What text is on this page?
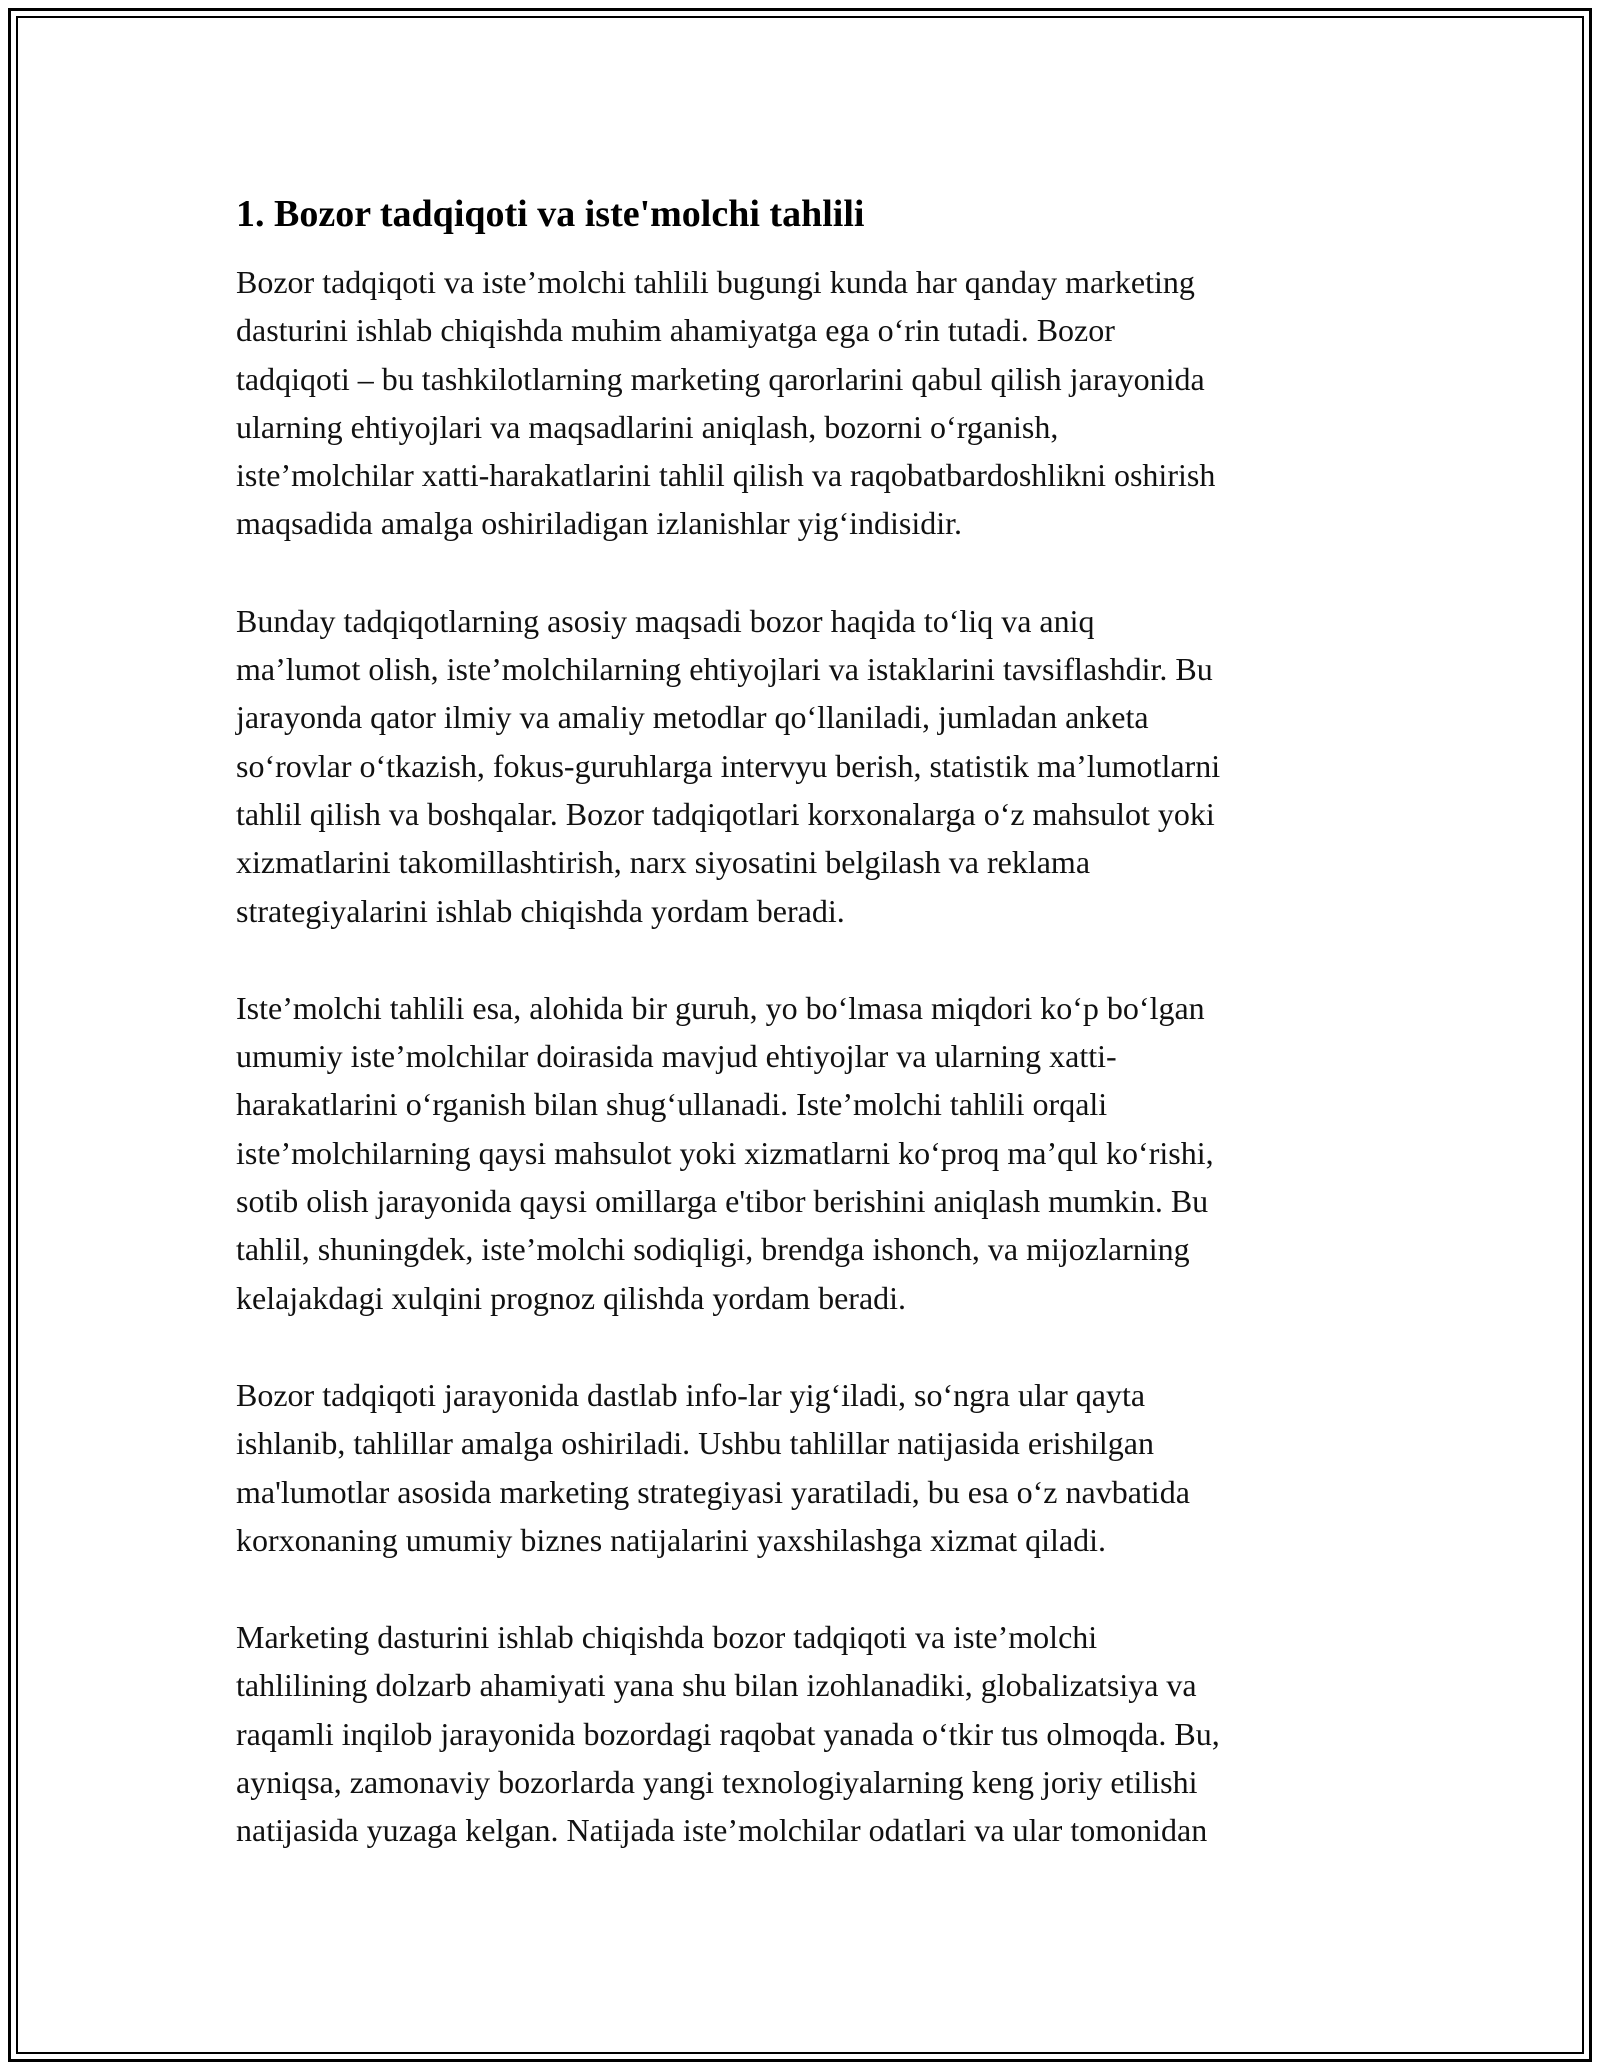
1. Bozor tadqiqoti va iste'molchi tahlili

Bozor tadqiqoti va iste’molchi tahlili bugungi kunda har qanday marketing
dasturini ishlab chiqishda muhim ahamiyatga ega o‘rin tutadi. Bozor
tadqiqoti – bu tashkilotlarning marketing qarorlarini qabul qilish jarayonida
ularning ehtiyojlari va maqsadlarini aniqlash, bozorni o‘rganish,
iste’molchilar xatti-harakatlarini tahlil qilish va raqobatbardoshlikni oshirish
maqsadida amalga oshiriladigan izlanishlar yig‘indisidir.

Bunday tadqiqotlarning asosiy maqsadi bozor haqida to‘liq va aniq
ma’lumot olish, iste’molchilarning ehtiyojlari va istaklarini tavsiflashdir. Bu
jarayonda qator ilmiy va amaliy metodlar qo‘llaniladi, jumladan anketa
so‘rovlar o‘tkazish, fokus-guruhlarga intervyu berish, statistik ma’lumotlarni
tahlil qilish va boshqalar. Bozor tadqiqotlari korxonalarga o‘z mahsulot yoki
xizmatlarini takomillashtirish, narx siyosatini belgilash va reklama
strategiyalarini ishlab chiqishda yordam beradi.

Iste’molchi tahlili esa, alohida bir guruh, yo bo‘lmasa miqdori ko‘p bo‘lgan
umumiy iste’molchilar doirasida mavjud ehtiyojlar va ularning xatti-
harakatlarini o‘rganish bilan shug‘ullanadi. Iste’molchi tahlili orqali
iste’molchilarning qaysi mahsulot yoki xizmatlarni ko‘proq ma’qul ko‘rishi,
sotib olish jarayonida qaysi omillarga e'tibor berishini aniqlash mumkin. Bu
tahlil, shuningdek, iste’molchi sodiqligi, brendga ishonch, va mijozlarning
kelajakdagi xulqini prognoz qilishda yordam beradi.

Bozor tadqiqoti jarayonida dastlab info-lar yig‘iladi, so‘ngra ular qayta
ishlanib, tahlillar amalga oshiriladi. Ushbu tahlillar natijasida erishilgan
ma'lumotlar asosida marketing strategiyasi yaratiladi, bu esa o‘z navbatida
korxonaning umumiy biznes natijalarini yaxshilashga xizmat qiladi.

Marketing dasturini ishlab chiqishda bozor tadqiqoti va iste’molchi
tahlilining dolzarb ahamiyati yana shu bilan izohlanadiki, globalizatsiya va
raqamli inqilob jarayonida bozordagi raqobat yanada o‘tkir tus olmoqda. Bu,
ayniqsa, zamonaviy bozorlarda yangi texnologiyalarning keng joriy etilishi
natijasida yuzaga kelgan. Natijada iste’molchilar odatlari va ular tomonidan
